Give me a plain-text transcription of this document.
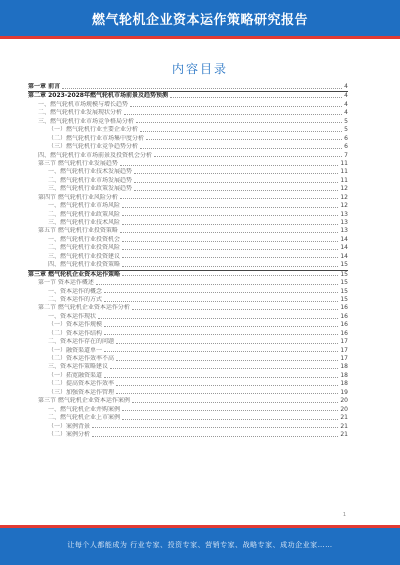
燃气轮机企业资本运作策略研究报告
内容目录
第一章 前言	4
第二章 2023-2028年燃气轮机市场前景及趋势预测	4
一、燃气轮机市场规模与增长趋势	4
二、燃气轮机行业发展现状分析	4
三、燃气轮机行业市场竞争格局分析	5
（一）燃气轮机行业主要企业分析	5
（二）燃气轮机行业市场集中度分析	6
（三）燃气轮机行业竞争趋势分析	6
四、燃气轮机行业市场前景及投资机会分析	7
第三节 燃气轮机行业发展趋势	11
一、燃气轮机行业技术发展趋势	11
二、燃气轮机行业市场发展趋势	11
三、燃气轮机行业政策发展趋势	12
第四节 燃气轮机行业风险分析	12
一、燃气轮机行业市场风险	12
二、燃气轮机行业政策风险	13
三、燃气轮机行业技术风险	13
第五节 燃气轮机行业投资策略	13
一、燃气轮机行业投资机会	14
二、燃气轮机行业投资风险	14
三、燃气轮机行业投资建议	14
四、燃气轮机行业投资策略	15
第三章 燃气轮机企业资本运作策略	15
第一节 资本运作概述	15
一、资本运作的概念	15
二、资本运作的方式	15
第二节 燃气轮机企业资本运作分析	16
一、资本运作现状	16
（一）资本运作规模	16
（二）资本运作结构	16
二、资本运作存在的问题	17
（一）融资渠道单一	17
（二）资本运作效率不高	17
三、资本运作策略建议	18
（一）拓宽融资渠道	18
（二）提高资本运作效率	18
（三）加强资本运作管理	19
第三节 燃气轮机企业资本运作案例	20
一、燃气轮机企业并购案例	20
二、燃气轮机企业上市案例	21
（一）案例背景	21
（二）案例分析	21
1
让每个人都能成为 行业专家、投资专家、营销专家、战略专家、成功企业家……
